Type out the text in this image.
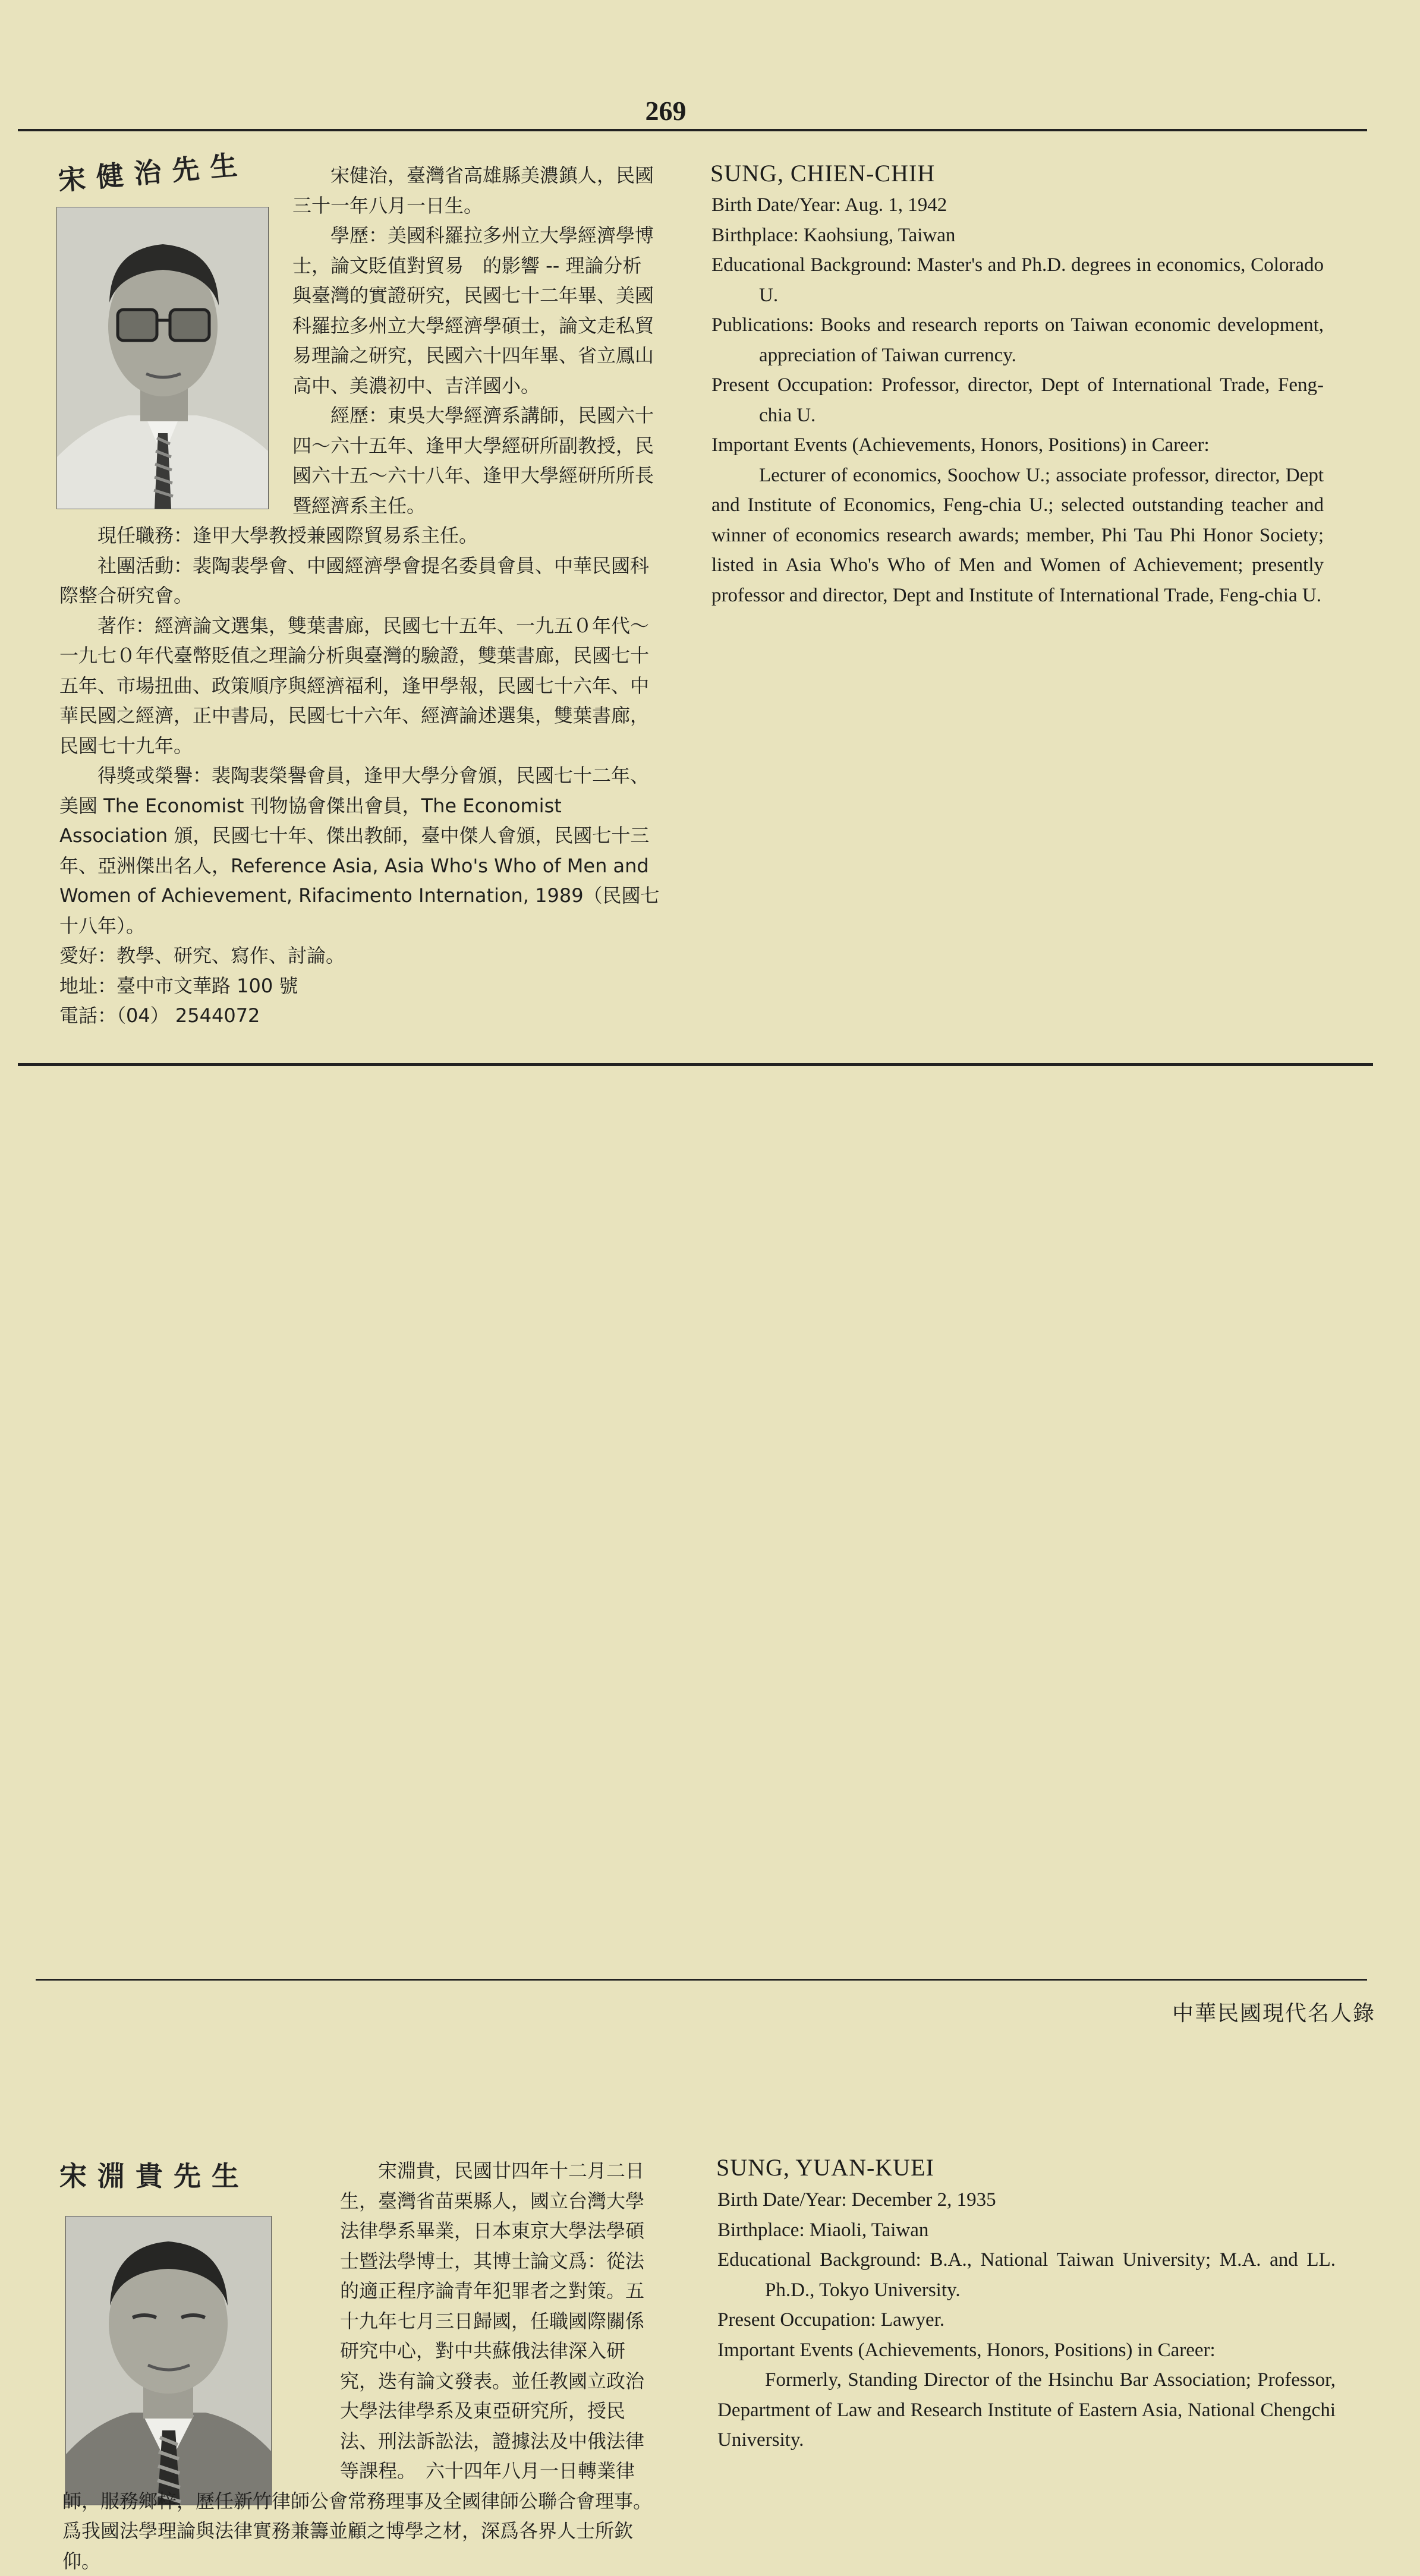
269
宋健治先生	宋健治，臺灣省高雄縣美濃鎮人，民國三十一年八月一日生。

學歷：美國科羅拉多州立大學經濟學博士，論文貶值對貿易　的影響 -- 理論分析與臺灣的實證研究，民國七十二年畢、美國科羅拉多州立大學經濟學碩士，論文走私貿易理論之研究，民國六十四年畢、省立鳳山高中、美濃初中、吉洋國小。

經歷：東吳大學經濟系講師，民國六十四～六十五年、逢甲大學經研所副教授，民國六十五～六十八年、逢甲大學經研所所長暨經濟系主任。

現任職務：逢甲大學教授兼國際貿易系主任。

社團活動：裴陶裴學會、中國經濟學會提名委員會員、中華民國科際整合研究會。

著作：經濟論文選集，雙葉書廊，民國七十五年、一九五０年代～一九七０年代臺幣貶值之理論分析與臺灣的驗證，雙葉書廊，民國七十五年、市場扭曲、政策順序與經濟福利，逢甲學報，民國七十六年、中華民國之經濟，正中書局，民國七十六年、經濟論述選集，雙葉書廊，民國七十九年。

得獎或榮譽：裴陶裴榮譽會員，逢甲大學分會頒，民國七十二年、美國 The Economist 刊物協會傑出會員，The Economist Association 頒，民國七十年、傑出教師，臺中傑人會頒，民國七十三年、亞洲傑出名人，Reference Asia, Asia Who's Who of Men and Women of Achievement, Rifacimento Internation, 1989（民國七十八年）。

愛好：教學、研究、寫作、討論。

地址：臺中市文華路 100 號

電話：（04） 2544072

SUNG, CHIEN-CHIH

Birth Date/Year: Aug. 1, 1942

Birthplace: Kaohsiung, Taiwan

Educational Background: Master's and Ph.D. degrees in economics, Colorado U.

Publications: Books and research reports on Taiwan economic development, appreciation of Taiwan currency.

Present Occupation: Professor, director, Dept of International Trade, Feng-chia U.

Important Events (Achievements, Honors, Positions) in Career:

Lecturer of economics, Soochow U.; associate professor, director, Dept and Institute of Economics, Feng-chia U.; selected outstanding teacher and winner of economics research awards; member, Phi Tau Phi Honor Society; listed in Asia Who's Who of Men and Women of Achievement; presently professor and director, Dept and Institute of International Trade, Feng-chia U.

宋淵貴先生	宋淵貴，民國廿四年十二月二日生，臺灣省苗栗縣人，國立台灣大學法律學系畢業，日本東京大學法學碩士暨法學博士，其博士論文爲：從法的適正程序論青年犯罪者之對策。五十九年七月三日歸國，任職國際關係研究中心，對中共蘇俄法律深入研究，迭有論文發表。並任教國立政治大學法律學系及東亞研究所，授民法、刑法訴訟法，證據法及中俄法律等課程。　六十四年八月一日轉業律師，服務鄉梓，歷任新竹律師公會常務理事及全國律師公聯合會理事。爲我國法學理論與法律實務兼籌並顧之博學之材，深爲各界人士所欽仰。

SUNG, YUAN-KUEI

Birth Date/Year: December 2, 1935

Birthplace: Miaoli, Taiwan

Educational Background: B.A., National Taiwan University; M.A. and LL. Ph.D., Tokyo University.

Present Occupation: Lawyer.

Important Events (Achievements, Honors, Positions) in Career:

Formerly, Standing Director of the Hsinchu Bar Association; Professor, Department of Law and Research Institute of Eastern Asia, National Chengchi University.

中華民國現代名人錄
